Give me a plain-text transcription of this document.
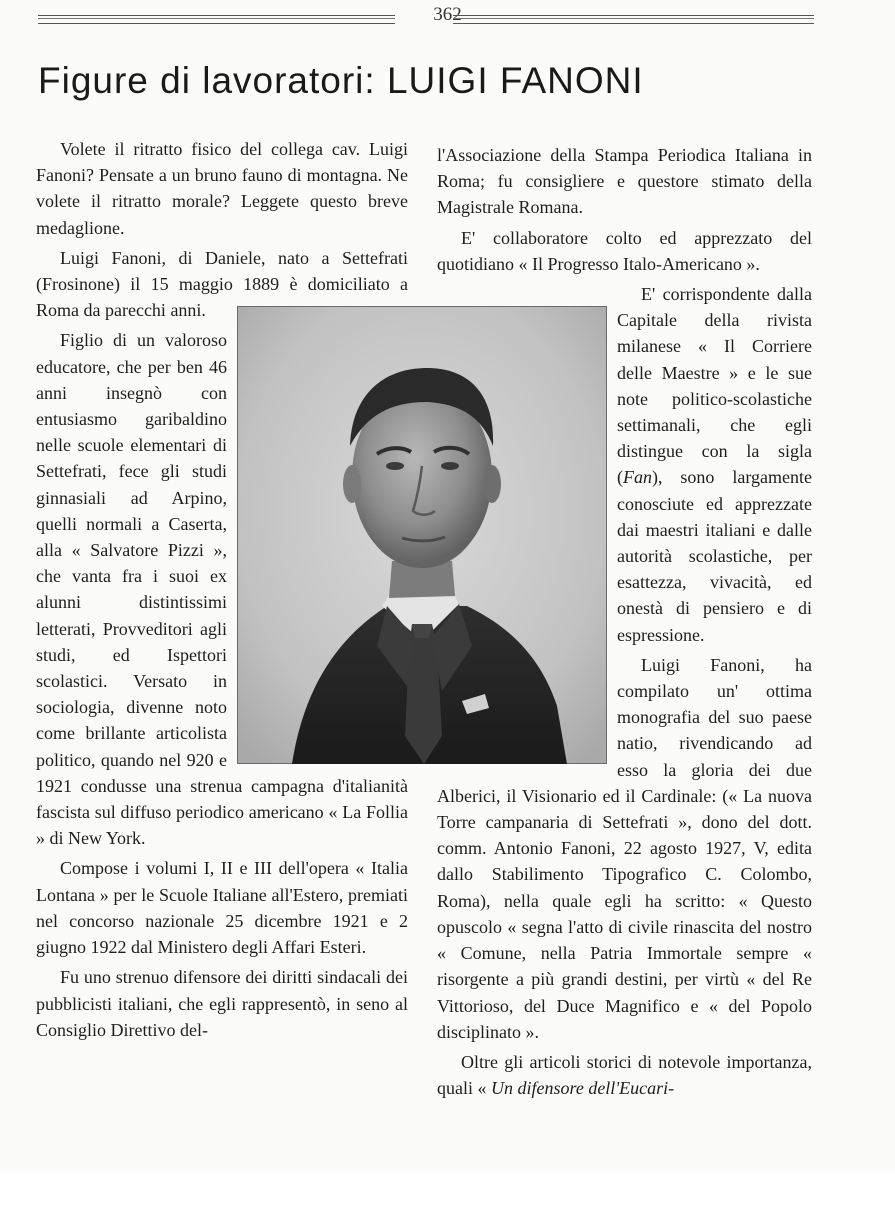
362
Figure di lavoratori: LUIGI FANONI

Volete il ritratto fisico del collega cav. Luigi Fanoni? Pensate a un bruno fauno di montagna. Ne volete il ritratto morale? Leggete questo breve medaglione.

Luigi Fanoni, di Daniele, nato a Settefrati (Frosinone) il 15 maggio 1889 è domiciliato a Roma da parecchi anni.

Figlio di un valoroso educatore, che per ben 46 anni insegnò con entusiasmo garibaldino nelle scuole elementari di Settefrati, fece gli studi ginnasiali ad Arpino, quelli normali a Caserta, alla « Salvatore Pizzi », che vanta fra i suoi ex alunni distintissimi letterati, Provveditori agli studi, ed Ispettori scolastici. Versato in sociologia, divenne noto come brillante articolista politico, quando nel 920 e 1921 condusse una strenua campagna d'italianità fascista sul diffuso periodico americano « La Follia » di New York.

Compose i volumi I, II e III dell'opera « Italia Lontana » per le Scuole Italiane all'Estero, premiati nel concorso nazionale 25 dicembre 1921 e 2 giugno 1922 dal Ministero degli Affari Esteri.

Fu uno strenuo difensore dei diritti sindacali dei pubblicisti italiani, che egli rappresentò, in seno al Consiglio Direttivo del-

l'Associazione della Stampa Periodica Italiana in Roma; fu consigliere e questore stimato della Magistrale Romana.

E' collaboratore colto ed apprezzato del quotidiano « Il Progresso Italo-Americano ».

E' corrispondente dalla Capitale della rivista milanese « Il Corriere delle Maestre » e le sue note politico-scolastiche settimanali, che egli distingue con la sigla (Fan), sono largamente conosciute ed apprezzate dai maestri italiani e dalle autorità scolastiche, per esattezza, vivacità, ed onestà di pensiero e di espressione.

Luigi Fanoni, ha compilato un' ottima monografia del suo paese natio, rivendicando ad esso la gloria dei due Alberici, il Visionario ed il Cardinale: (« La nuova Torre campanaria di Settefrati », dono del dott. comm. Antonio Fanoni, 22 agosto 1927, V, edita dallo Stabilimento Tipografico C. Colombo, Roma), nella quale egli ha scritto: « Questo opuscolo « segna l'atto di civile rinascita del nostro « Comune, nella Patria Immortale sempre « risorgente a più grandi destini, per virtù « del Re Vittorioso, del Duce Magnifico e « del Popolo disciplinato ».

Oltre gli articoli storici di notevole importanza, quali « Un difensore dell'Eucari-
